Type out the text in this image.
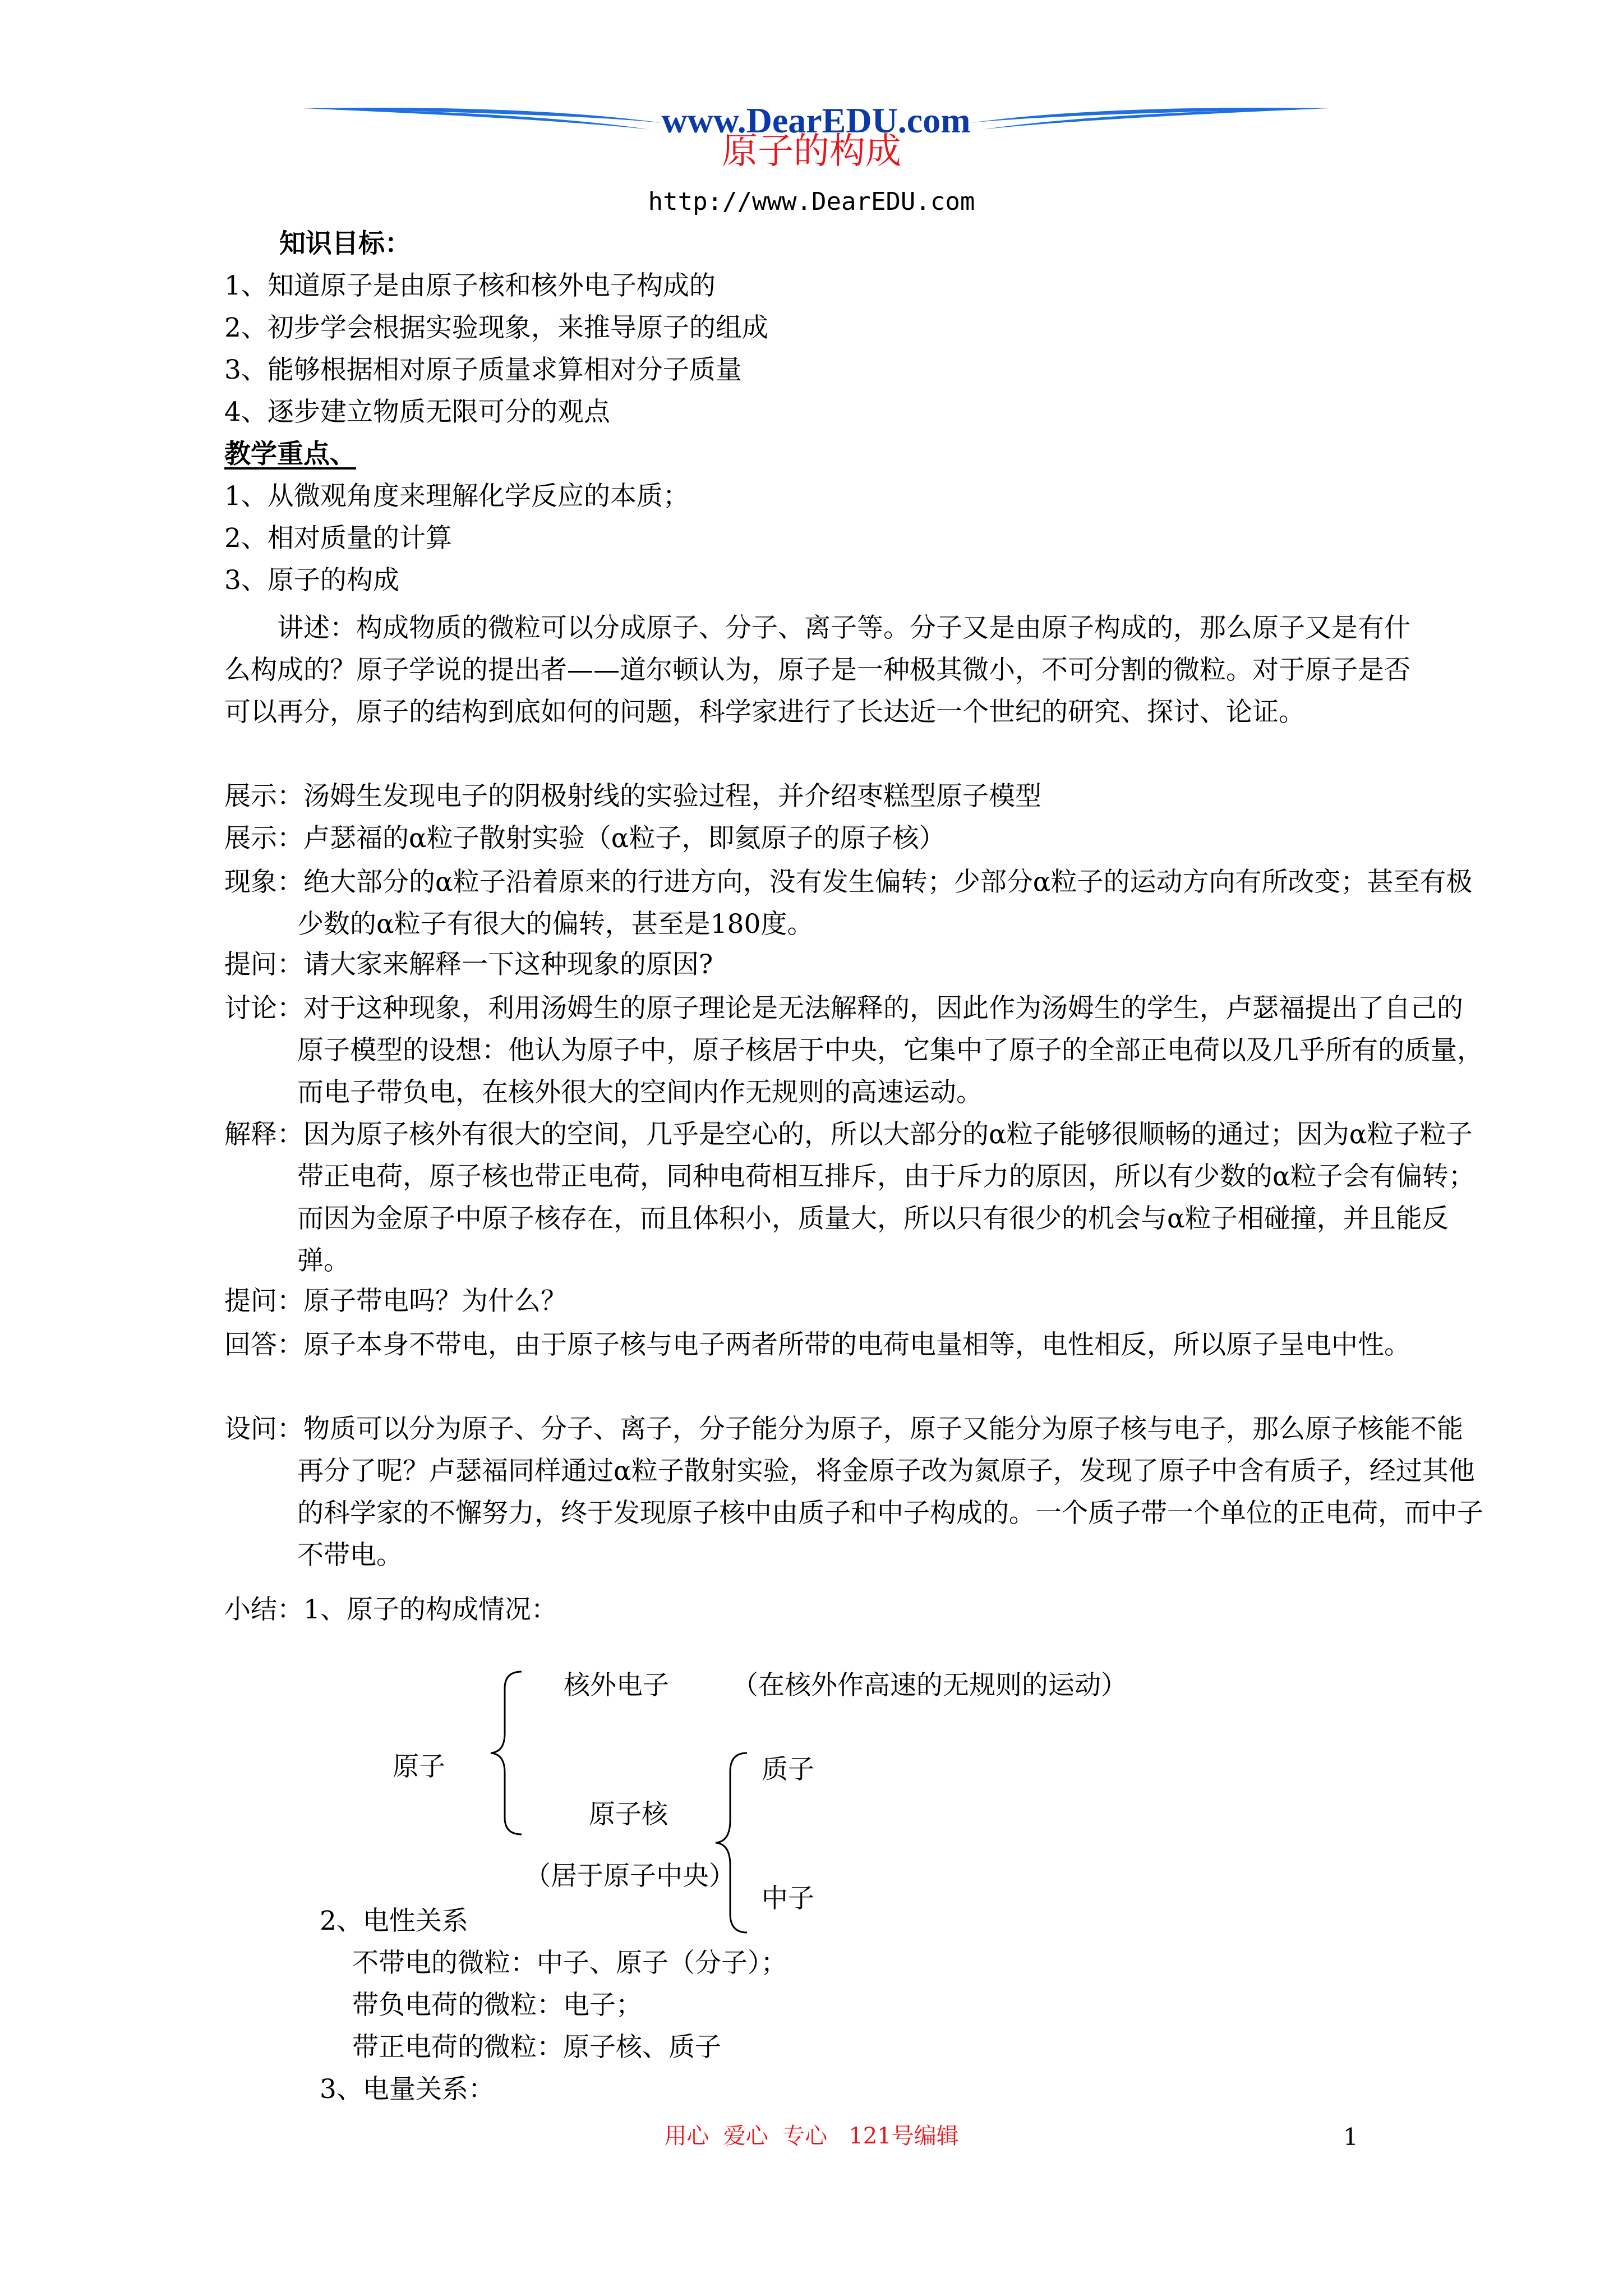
www.DearEDU.com
原子的构成
http://www.DearEDU.com
知识目标：
1、知道原子是由原子核和核外电子构成的
2、初步学会根据实验现象，来推导原子的组成
3、能够根据相对原子质量求算相对分子质量
4、逐步建立物质无限可分的观点
教学重点、
1、从微观角度来理解化学反应的本质；
2、相对质量的计算
3、原子的构成
讲述：构成物质的微粒可以分成原子、分子、离子等。分子又是由原子构成的，那么原子又是有什么构成的？原子学说的提出者——道尔顿认为，原子是一种极其微小，不可分割的微粒。对于原子是否可以再分，原子的结构到底如何的问题，科学家进行了长达近一个世纪的研究、探讨、论证。
展示：汤姆生发现电子的阴极射线的实验过程，并介绍枣糕型原子模型
展示：卢瑟福的α粒子散射实验（α粒子，即氦原子的原子核）
现象：绝大部分的α粒子沿着原来的行进方向，没有发生偏转；少部分α粒子的运动方向有所改变；甚至有极少数的α粒子有很大的偏转，甚至是180度。
提问：请大家来解释一下这种现象的原因?
讨论：对于这种现象，利用汤姆生的原子理论是无法解释的，因此作为汤姆生的学生，卢瑟福提出了自己的原子模型的设想：他认为原子中，原子核居于中央，它集中了原子的全部正电荷以及几乎所有的质量，而电子带负电，在核外很大的空间内作无规则的高速运动。
解释：因为原子核外有很大的空间，几乎是空心的，所以大部分的α粒子能够很顺畅的通过；因为α粒子粒子带正电荷，原子核也带正电荷，同种电荷相互排斥，由于斥力的原因，所以有少数的α粒子会有偏转；而因为金原子中原子核存在，而且体积小，质量大，所以只有很少的机会与α粒子相碰撞，并且能反弹。
提问：原子带电吗？为什么？
回答：原子本身不带电，由于原子核与电子两者所带的电荷电量相等，电性相反，所以原子呈电中性。
设问：物质可以分为原子、分子、离子，分子能分为原子，原子又能分为原子核与电子，那么原子核能不能再分了呢？卢瑟福同样通过α粒子散射实验，将金原子改为氮原子，发现了原子中含有质子，经过其他的科学家的不懈努力，终于发现原子核中由质子和中子构成的。一个质子带一个单位的正电荷，而中子不带电。
小结：1、原子的构成情况：
原子
核外电子 （在核外作高速的无规则的运动）
原子核
（居于原子中央）
质子
中子
2、电性关系
不带电的微粒：中子、原子（分子）；
带负电荷的微粒：电子；
带正电荷的微粒：原子核、质子
3、电量关系：
用心  爱心  专心   121号编辑	1
